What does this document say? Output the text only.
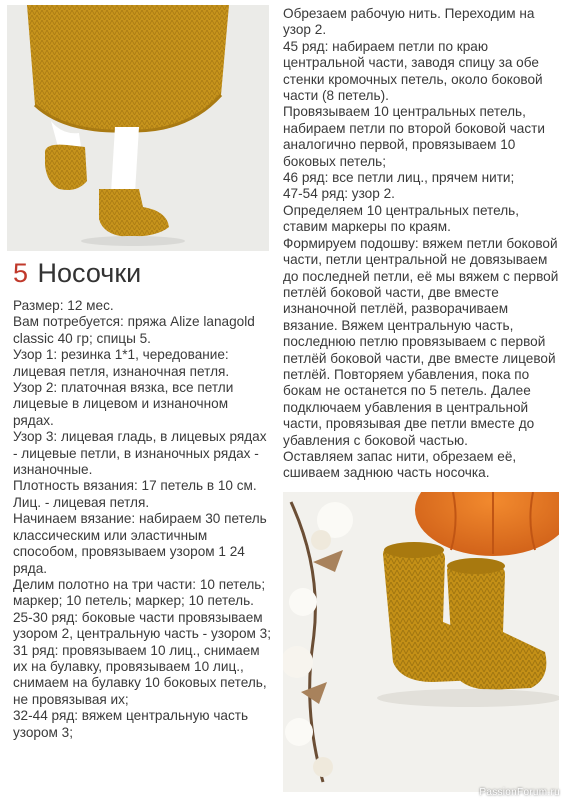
5 Носочки

Размер: 12 мес.

Вам потребуется: пряжа Alize lanagold classic 40 гр; спицы 5.

Узор 1: резинка 1*1, чередование: лицевая петля, изнаночная петля.

Узор 2: платочная вязка, все петли лицевые в лицевом и изнаночном рядах.

Узор 3: лицевая гладь, в лицевых рядах - лицевые петли, в изнаночных рядах - изнаночные.

Плотность вязания: 17 петель в 10 см.

Лиц. - лицевая петля.

Начинаем вязание: набираем 30 петель классическим или эластичным способом, провязываем узором 1 24 ряда.

Делим полотно на три части: 10 петель; маркер; 10 петель; маркер; 10 петель.

25-30 ряд: боковые части провязываем узором 2, центральную часть - узором 3;

31 ряд: провязываем 10 лиц., снимаем их на булавку, провязываем 10 лиц., снимаем на булавку 10 боковых петель, не провязывая их;

32-44 ряд: вяжем центральную часть узором 3;

Обрезаем рабочую нить. Переходим на узор 2.

45 ряд: набираем петли по краю центральной части, заводя спицу за обе стенки кромочных петель, около боковой части (8 петель).

Провязываем 10 центральных петель, набираем петли по второй боковой части аналогично первой, провязываем 10 боковых петель;

46 ряд: все петли лиц., прячем нити;

47-54 ряд: узор 2.

Определяем 10 центральных петель, ставим маркеры по краям.

Формируем подошву: вяжем петли боковой части, петли центральной не довязываем до последней петли, её мы вяжем с первой петлёй боковой части, две вместе изнаночной петлёй, разворачиваем вязание. Вяжем центральную часть, последнюю петлю провязываем с первой петлёй боковой части, две вместе лицевой петлёй. Повторяем убавления, пока по бокам не останется по 5 петель. Далее подключаем убавления в центральной части, провязывая две петли вместе до убавления с боковой частью.

Оставляем запас нити, обрезаем её, сшиваем заднюю часть носочка.

PassionForum.ru
